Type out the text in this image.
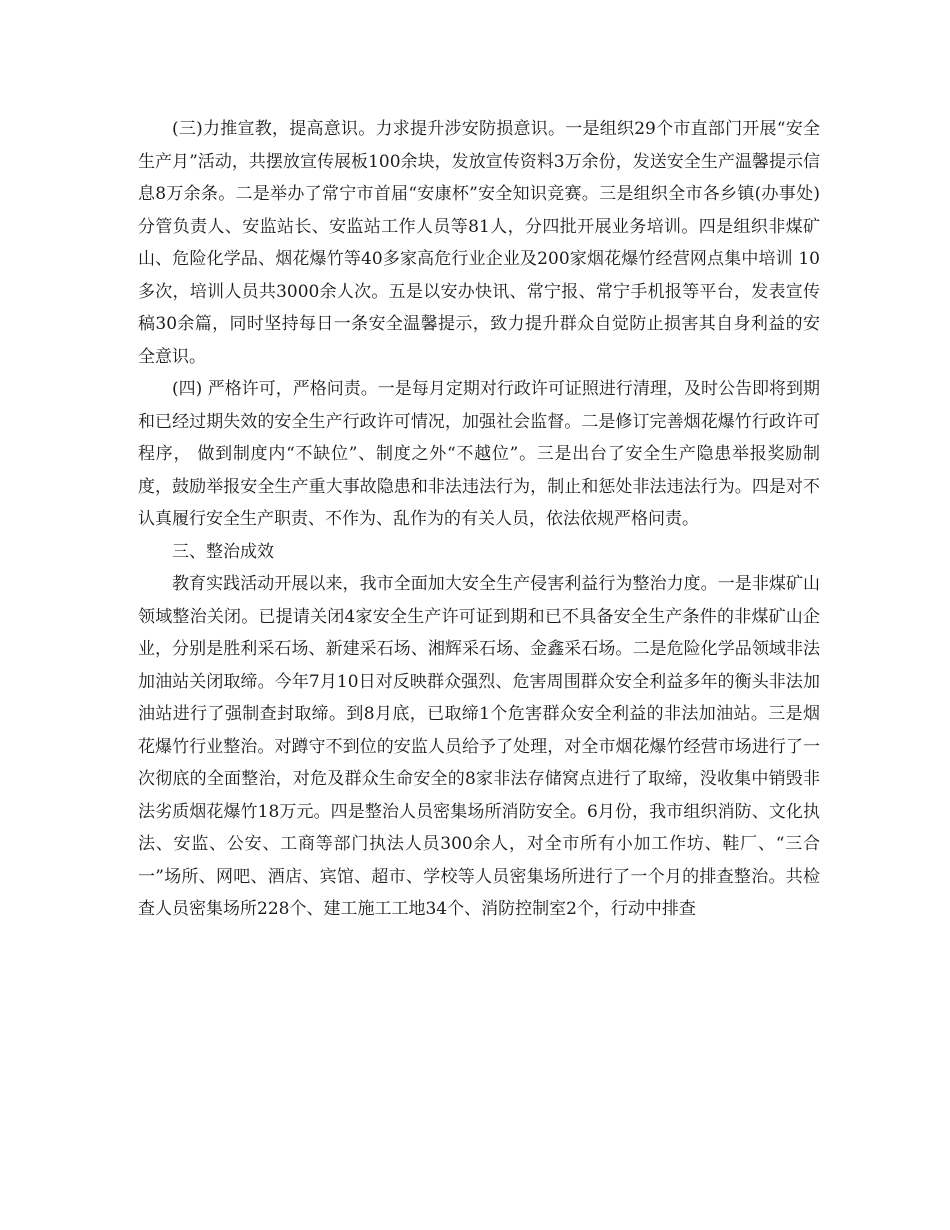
(三)力推宣教，提高意识。力求提升涉安防损意识。一是组织29个市直部门开展“安全生产月”活动，共摆放宣传展板100余块，发放宣传资料3万余份，发送安全生产温馨提示信息8万余条。二是举办了常宁市首届“安康杯”安全知识竞赛。三是组织全市各乡镇(办事处)分管负责人、安监站长、安监站工作人员等81人，分四批开展业务培训。四是组织非煤矿山、危险化学品、烟花爆竹等40多家高危行业企业及200家烟花爆竹经营网点集中培训 10多次，培训人员共3000余人次。五是以安办快讯、常宁报、常宁手机报等平台，发表宣传稿30余篇，同时坚持每日一条安全温馨提示，致力提升群众自觉防止损害其自身利益的安全意识。

(四) 严格许可，严格问责。一是每月定期对行政许可证照进行清理，及时公告即将到期和已经过期失效的安全生产行政许可情况，加强社会监督。二是修订完善烟花爆竹行政许可程序， 做到制度内“不缺位”、制度之外“不越位”。三是出台了安全生产隐患举报奖励制度，鼓励举报安全生产重大事故隐患和非法违法行为，制止和惩处非法违法行为。四是对不认真履行安全生产职责、不作为、乱作为的有关人员，依法依规严格问责。

三、整治成效

教育实践活动开展以来，我市全面加大安全生产侵害利益行为整治力度。一是非煤矿山领域整治关闭。已提请关闭4家安全生产许可证到期和已不具备安全生产条件的非煤矿山企业，分别是胜利采石场、新建采石场、湘辉采石场、金鑫采石场。二是危险化学品领域非法加油站关闭取缔。今年7月10日对反映群众强烈、危害周围群众安全利益多年的衡头非法加油站进行了强制查封取缔。到8月底，已取缔1个危害群众安全利益的非法加油站。三是烟花爆竹行业整治。对蹲守不到位的安监人员给予了处理，对全市烟花爆竹经营市场进行了一次彻底的全面整治，对危及群众生命安全的8家非法存储窝点进行了取缔，没收集中销毁非法劣质烟花爆竹18万元。四是整治人员密集场所消防安全。6月份，我市组织消防、文化执法、安监、公安、工商等部门执法人员300余人，对全市所有小加工作坊、鞋厂、“三合一”场所、网吧、酒店、宾馆、超市、学校等人员密集场所进行了一个月的排查整治。共检查人员密集场所228个、建工施工工地34个、消防控制室2个，行动中排查
